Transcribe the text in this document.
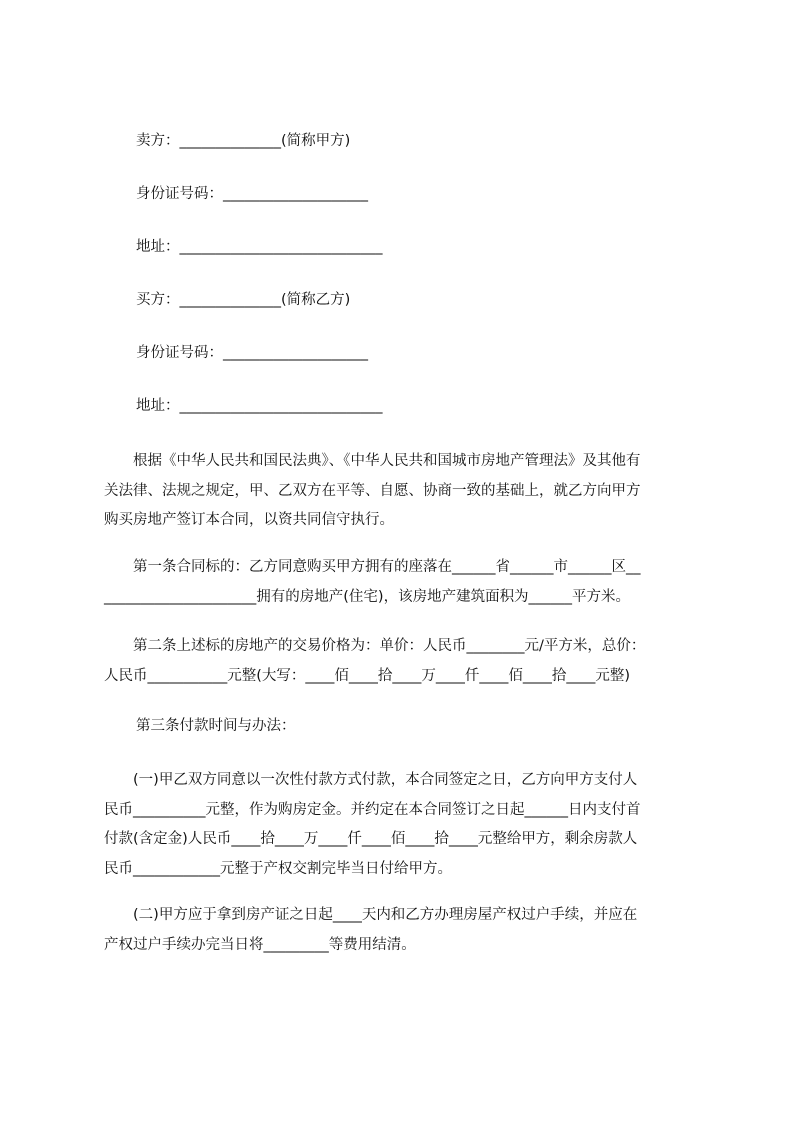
卖方：______________(简称甲方)
身份证号码：____________________
地址：____________________________
买方：______________(简称乙方)
身份证号码：____________________
地址：____________________________
　　根据《中华人民共和国民法典》、《中华人民共和国城市房地产管理法》及其他有
关法律、法规之规定，甲、乙双方在平等、自愿、协商一致的基础上，就乙方向甲方
购买房地产签订本合同，以资共同信守执行。
　　第一条合同标的：乙方同意购买甲方拥有的座落在______省______市______区__
_____________________拥有的房地产(住宅)，该房地产建筑面积为______平方米。
　　第二条上述标的房地产的交易价格为：单价：人民币________元/平方米，总价：
人民币___________元整(大写：____佰____拾____万____仟____佰____拾____元整)
第三条付款时间与办法：
　　(一)甲乙双方同意以一次性付款方式付款，本合同签定之日，乙方向甲方支付人
民币__________元整，作为购房定金。并约定在本合同签订之日起______日内支付首
付款(含定金)人民币____拾____万____仟____佰____拾____元整给甲方，剩余房款人
民币____________元整于产权交割完毕当日付给甲方。
　　(二)甲方应于拿到房产证之日起____天内和乙方办理房屋产权过户手续，并应在
产权过户手续办完当日将_________等费用结清。
